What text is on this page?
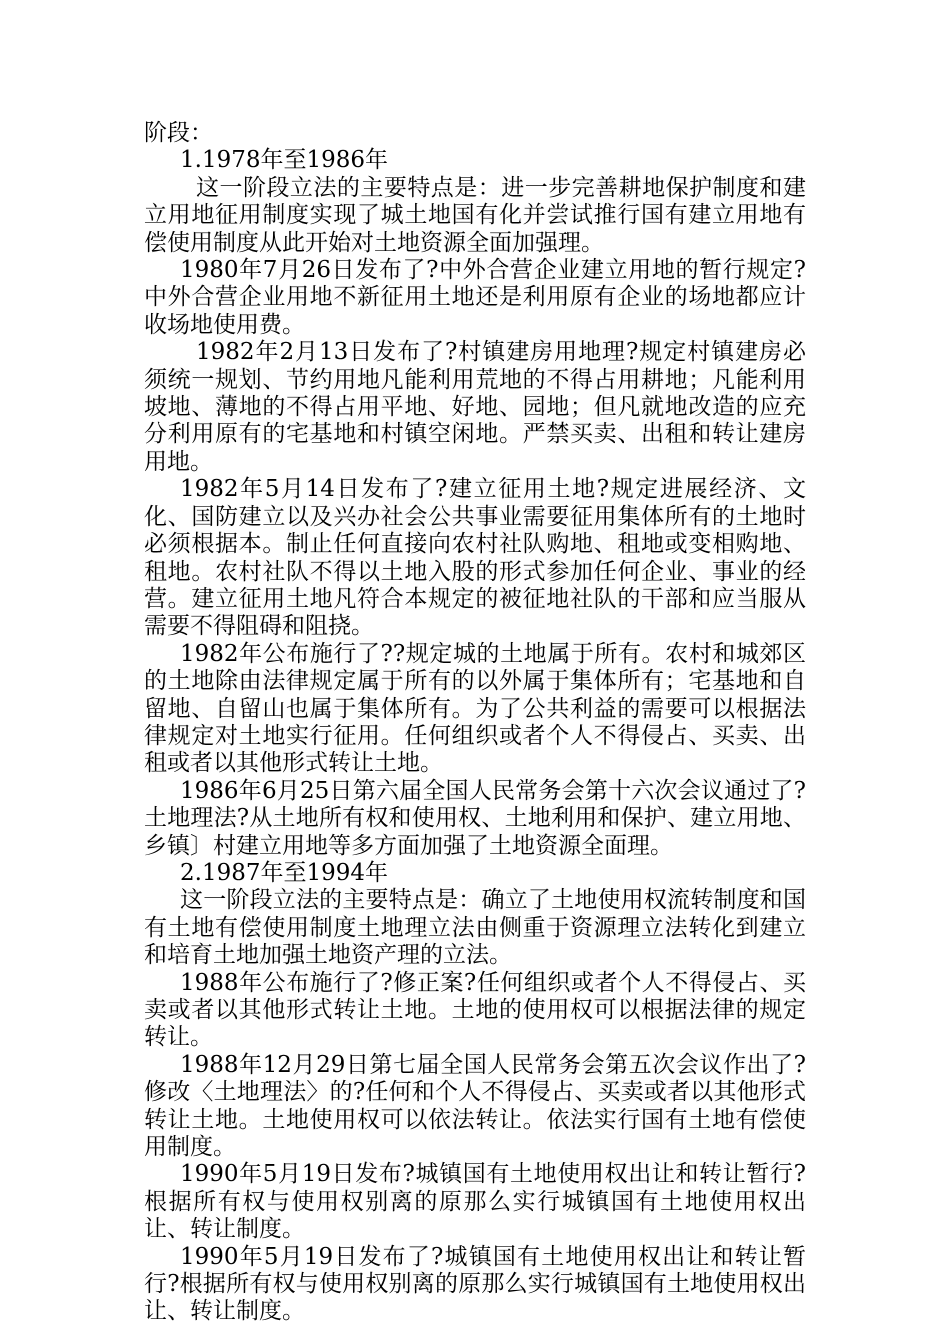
阶段：

1.1978年至1986年

这一阶段立法的主要特点是：进一步完善耕地保护制度和建立用地征用制度实现了城土地国有化并尝试推行国有建立用地有偿使用制度从此开始对土地资源全面加强理。

1980年7月26日发布了?中外合营企业建立用地的暂行规定?中外合营企业用地不新征用土地还是利用原有企业的场地都应计收场地使用费。

1982年2月13日发布了?村镇建房用地理?规定村镇建房必须统一规划、节约用地凡能利用荒地的不得占用耕地；凡能利用坡地、薄地的不得占用平地、好地、园地；但凡就地改造的应充分利用原有的宅基地和村镇空闲地。严禁买卖、出租和转让建房用地。

1982年5月14日发布了?建立征用土地?规定进展经济、文化、国防建立以及兴办社会公共事业需要征用集体所有的土地时必须根据本。制止任何直接向农村社队购地、租地或变相购地、租地。农村社队不得以土地入股的形式参加任何企业、事业的经营。建立征用土地凡符合本规定的被征地社队的干部和应当服从需要不得阻碍和阻挠。

1982年公布施行了??规定城的土地属于所有。农村和城郊区的土地除由法律规定属于所有的以外属于集体所有；宅基地和自留地、自留山也属于集体所有。为了公共利益的需要可以根据法律规定对土地实行征用。任何组织或者个人不得侵占、买卖、出租或者以其他形式转让土地。

1986年6月25日第六届全国人民常务会第十六次会议通过了?土地理法?从土地所有权和使用权、土地利用和保护、建立用地、乡镇〕村建立用地等多方面加强了土地资源全面理。

2.1987年至1994年

这一阶段立法的主要特点是：确立了土地使用权流转制度和国有土地有偿使用制度土地理立法由侧重于资源理立法转化到建立和培育土地加强土地资产理的立法。

1988年公布施行了?修正案?任何组织或者个人不得侵占、买卖或者以其他形式转让土地。土地的使用权可以根据法律的规定转让。

1988年12月29日第七届全国人民常务会第五次会议作出了?修改〈土地理法〉的?任何和个人不得侵占、买卖或者以其他形式转让土地。土地使用权可以依法转让。依法实行国有土地有偿使用制度。

1990年5月19日发布?城镇国有土地使用权出让和转让暂行?根据所有权与使用权别离的原那么实行城镇国有土地使用权出让、转让制度。

1990年5月19日发布了?城镇国有土地使用权出让和转让暂行?根据所有权与使用权别离的原那么实行城镇国有土地使用权出让、转让制度。
